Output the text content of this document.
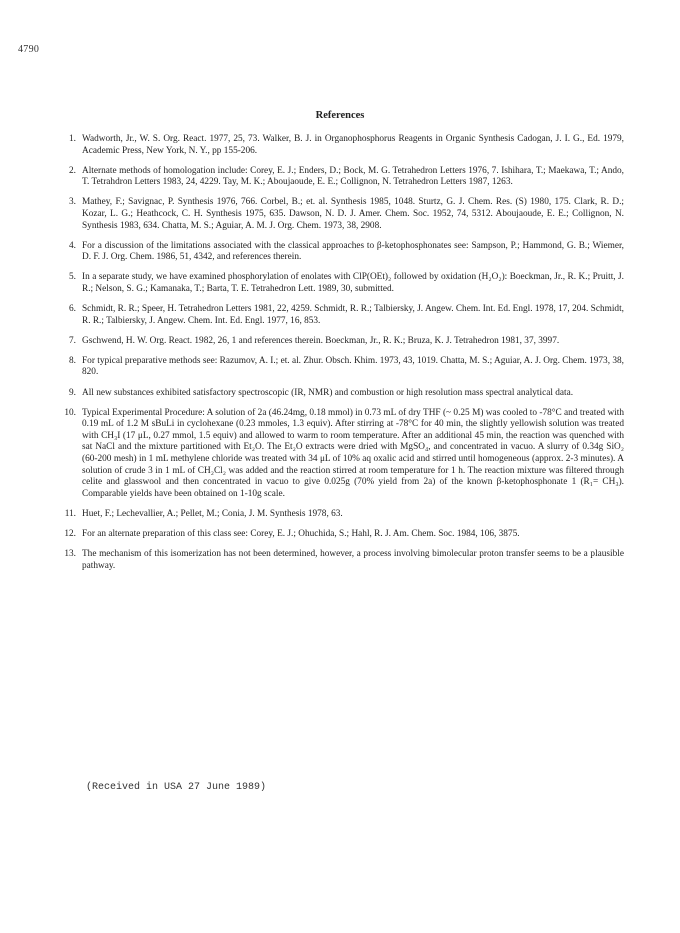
4790
References
1. Wadworth, Jr., W. S. Org. React. 1977, 25, 73. Walker, B. J. in Organophosphorus Reagents in Organic Synthesis Cadogan, J. I. G., Ed. 1979, Academic Press, New York, N. Y., pp 155-206.
2. Alternate methods of homologation include: Corey, E. J.; Enders, D.; Bock, M. G. Tetrahedron Letters 1976, 7. Ishihara, T.; Maekawa, T.; Ando, T. Tetrahdron Letters 1983, 24, 4229. Tay, M. K.; Aboujaoude, E. E.; Collignon, N. Tetrahedron Letters 1987, 1263.
3. Mathey, F.; Savignac, P. Synthesis 1976, 766. Corbel, B.; et. al. Synthesis 1985, 1048. Sturtz, G. J. Chem. Res. (S) 1980, 175. Clark, R. D.; Kozar, L. G.; Heathcock, C. H. Synthesis 1975, 635. Dawson, N. D. J. Amer. Chem. Soc. 1952, 74, 5312. Aboujaoude, E. E.; Collignon, N. Synthesis 1983, 634. Chatta, M. S.; Aguiar, A. M. J. Org. Chem. 1973, 38, 2908.
4. For a discussion of the limitations associated with the classical approaches to β-ketophosphonates see: Sampson, P.; Hammond, G. B.; Wiemer, D. F. J. Org. Chem. 1986, 51, 4342, and references therein.
5. In a separate study, we have examined phosphorylation of enolates with ClP(OEt)₂ followed by oxidation (H₂O₂): Boeckman, Jr., R. K.; Pruitt, J. R.; Nelson, S. G.; Kamanaka, T.; Barta, T. E. Tetrahedron Lett. 1989, 30, submitted.
6. Schmidt, R. R.; Speer, H. Tetrahedron Letters 1981, 22, 4259. Schmidt, R. R.; Talbiersky, J. Angew. Chem. Int. Ed. Engl. 1978, 17, 204. Schmidt, R. R.; Talbiersky, J. Angew. Chem. Int. Ed. Engl. 1977, 16, 853.
7. Gschwend, H. W. Org. React. 1982, 26, 1 and references therein. Boeckman, Jr., R. K.; Bruza, K. J. Tetrahedron 1981, 37, 3997.
8. For typical preparative methods see: Razumov, A. I.; et. al. Zhur. Obsch. Khim. 1973, 43, 1019. Chatta, M. S.; Aguiar, A. J. Org. Chem. 1973, 38, 820.
9. All new substances exhibited satisfactory spectroscopic (IR, NMR) and combustion or high resolution mass spectral analytical data.
10. Typical Experimental Procedure: A solution of 2a (46.24mg, 0.18 mmol) in 0.73 mL of dry THF (~ 0.25 M) was cooled to -78°C and treated with 0.19 mL of 1.2 M sBuLi in cyclohexane (0.23 mmoles, 1.3 equiv). After stirring at -78°C for 40 min, the slightly yellowish solution was treated with CH₃I (17 μL, 0.27 mmol, 1.5 equiv) and allowed to warm to room temperature. After an additional 45 min, the reaction was quenched with sat NaCl and the mixture partitioned with Et₂O. The Et₂O extracts were dried with MgSO₄, and concentrated in vacuo. A slurry of 0.34g SiO₂ (60-200 mesh) in 1 mL methylene chloride was treated with 34 μL of 10% aq oxalic acid and stirred until homogeneous (approx. 2-3 minutes). A solution of crude 3 in 1 mL of CH₂Cl₂ was added and the reaction stirred at room temperature for 1 h. The reaction mixture was filtered through celite and glasswool and then concentrated in vacuo to give 0.025g (70% yield from 2a) of the known β-ketophosphonate 1 (R₁= CH₃). Comparable yields have been obtained on 1-10g scale.
11. Huet, F.; Lechevallier, A.; Pellet, M.; Conia, J. M. Synthesis 1978, 63.
12. For an alternate preparation of this class see: Corey, E. J.; Ohuchida, S.; Hahl, R. J. Am. Chem. Soc. 1984, 106, 3875.
13. The mechanism of this isomerization has not been determined, however, a process involving bimolecular proton transfer seems to be a plausible pathway.
(Received in USA 27 June 1989)
